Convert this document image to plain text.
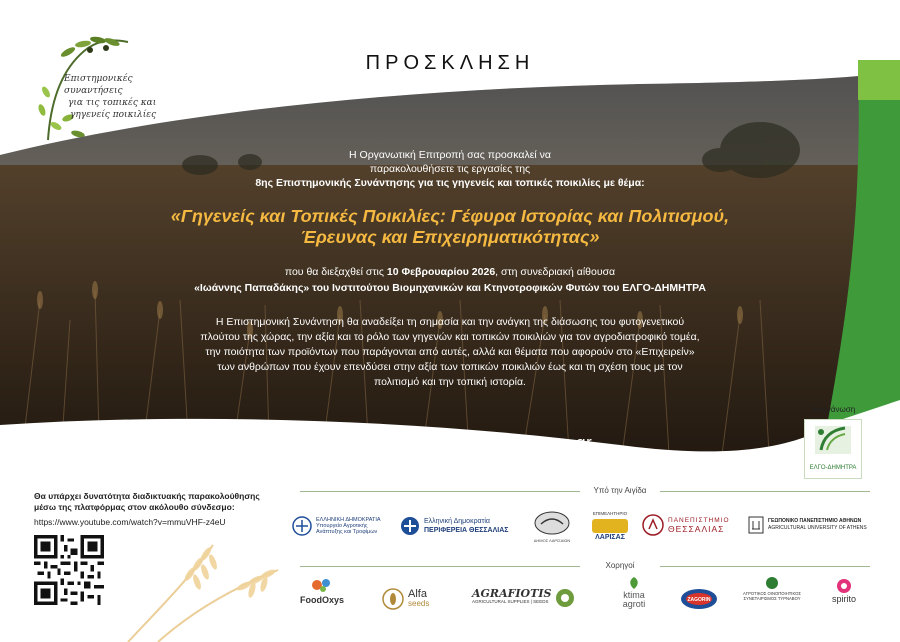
Επιστημονικές συναντήσεις
για τις τοπικές και
γηγενείς ποικιλίες
ΠΡΟΣΚΛΗΣΗ
Η Οργανωτική Επιτροπή σας προσκαλεί να
παρακολουθήσετε τις εργασίες της
8ης Επιστημονικής Συνάντησης για τις γηγενείς και τοπικές ποικιλίες με θέμα:
«Γηγενείς και Τοπικές Ποικιλίες: Γέφυρα Ιστορίας και Πολιτισμού,
Έρευνας και Επιχειρηματικότητας»
που θα διεξαχθεί στις 10 Φεβρουαρίου 2026, στη συνεδριακή αίθουσα
«Ιωάννης Παπαδάκης» του Ινστιτούτου Βιομηχανικών και Κτηνοτροφικών Φυτών του ΕΛΓΟ-ΔΗΜΗΤΡΑ
Η Επιστημονική Συνάντηση θα αναδείξει τη σημασία και την ανάγκη της διάσωσης του φυτογενετικού
πλούτου της χώρας, την αξία και το ρόλο των γηγενών και τοπικών ποικιλιών για τον αγροδιατροφικό τομέα,
την ποιότητα των προϊόντων που παράγονται από αυτές, αλλά και θέματα που αφορούν στο «Επιχειρείν»
των ανθρώπων που έχουν επενδύσει στην αξία των τοπικών ποικιλιών έως και τη σχέση τους με τον
πολιτισμό και την τοπική ιστορία.
greeklandraces.gr
Διοργάνωση
ΕΛΓΟ-ΔΗΜΗΤΡΑ
Θα υπάρχει δυνατότητα διαδικτυακής παρακολούθησης
μέσω της πλατφόρμας στον ακόλουθο σύνδεσμο:
https://www.youtube.com/watch?v=mmuVHF-z4eU
Υπό την Αιγίδα
ΕΛΛΗΝΙΚΗ ΔΗΜΟΚΡΑΤΙΑ
Υπουργείο Αγροτικής Ανάπτυξης και Τροφίμων
Ελληνική Δημοκρατία
ΠΕΡΙΦΕΡΕΙΑ ΘΕΣΣΑΛΙΑΣ
ΔΗΜΟΣ ΛΑΡΙΣΑΙΩΝ
ΕΠΙΜΕΛΗΤΗΡΙΟ
ΛΑΡΙΣΑΣ
ΠΑΝΕΠΙΣΤΗΜΙΟ
ΘΕΣΣΑΛΙΑΣ
ΓΕΩΠΟΝΙΚΟ ΠΑΝΕΠΙΣΤΗΜΙΟ ΑΘΗΝΩΝ
AGRICULTURAL UNIVERSITY OF ATHENS
Χορηγοί
FoodOxys	Alfa
seeds
AGRAFIOTIS
AGRICULTURAL SUPPLIES | SEEDS
ktima
agroti	ZAGORIN
ΑΓΡΟΤΙΚΟΣ ΟΙΝΟΠΟΙΗΤΙΚΟΣ
ΣΥΝΕΤΑΙΡΙΣΜΟΣ ΤΥΡΝΑΒΟΥ	spirito
